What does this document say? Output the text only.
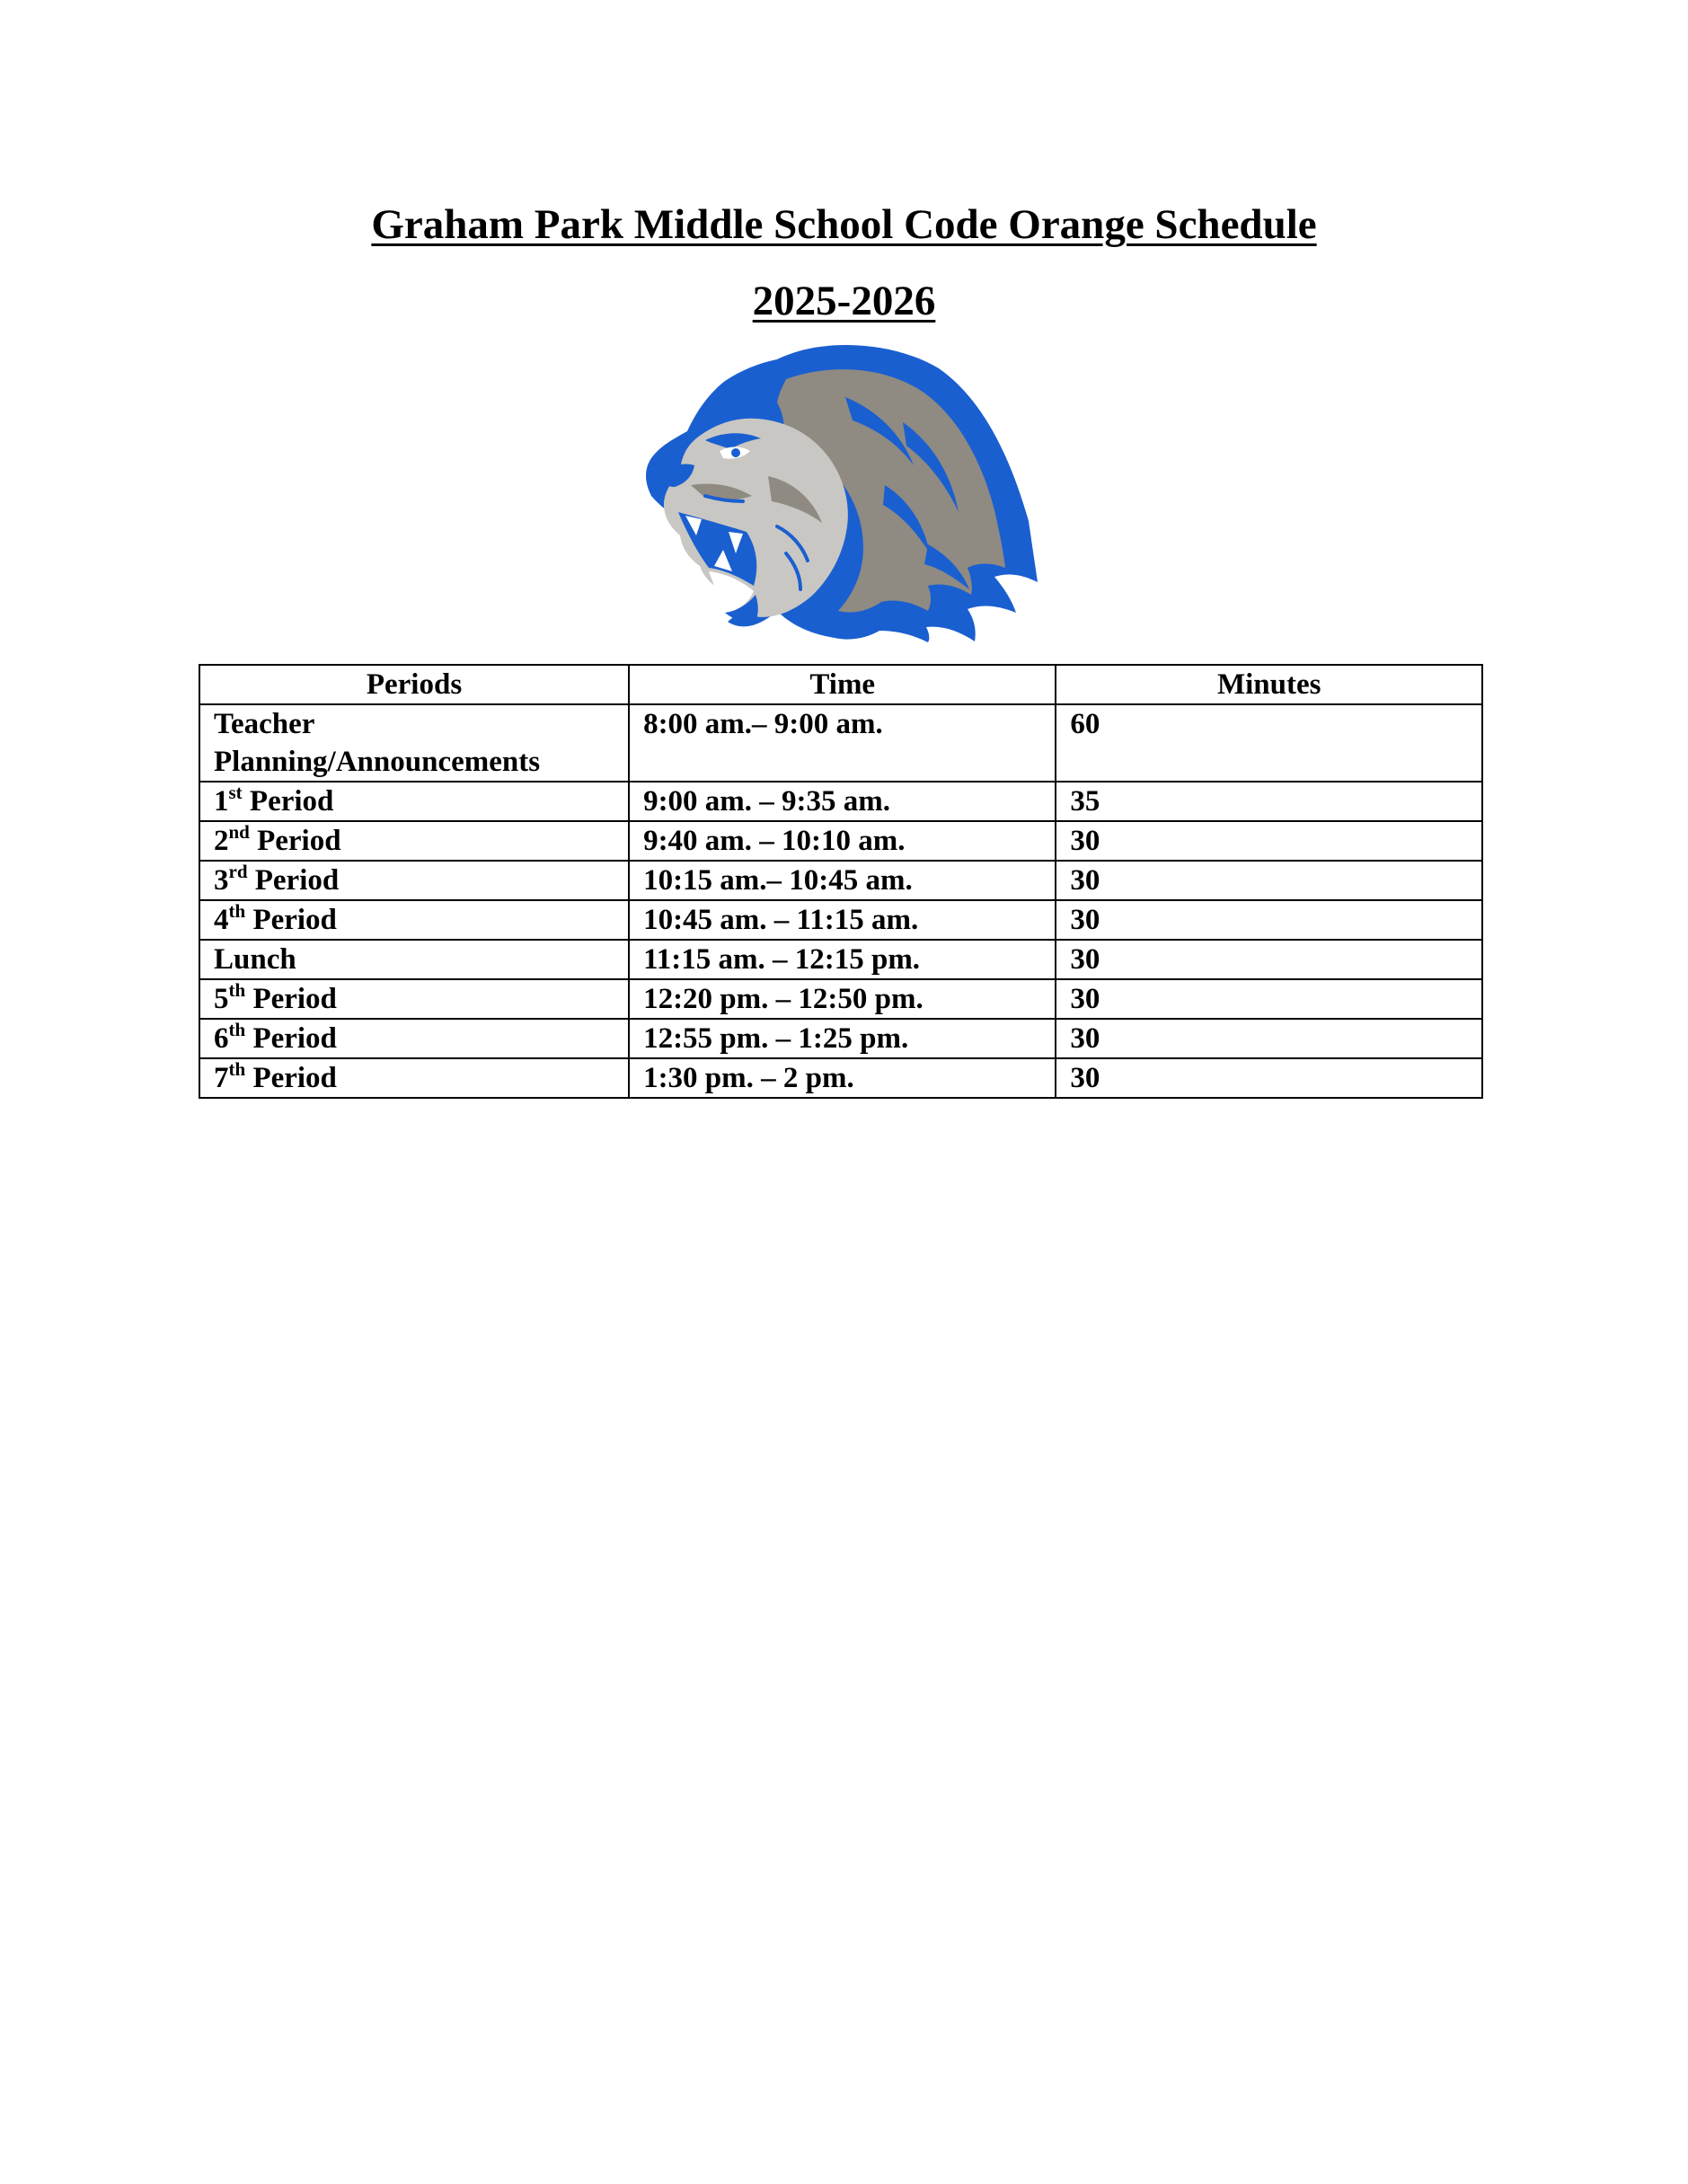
Graham Park Middle School Code Orange Schedule
2025-2026
Periods	Time	Minutes
Teacher Planning/Announcements	8:00 am.– 9:00 am.	60
1st Period	9:00 am. – 9:35 am.	35
2nd Period	9:40 am. – 10:10 am.	30
3rd Period	10:15 am.– 10:45 am.	30
4th Period	10:45 am. – 11:15 am.	30
Lunch	11:15 am. – 12:15 pm.	30
5th Period	12:20 pm. – 12:50 pm.	30
6th Period	12:55 pm. – 1:25 pm.	30
7th Period	1:30 pm. – 2 pm.	30
